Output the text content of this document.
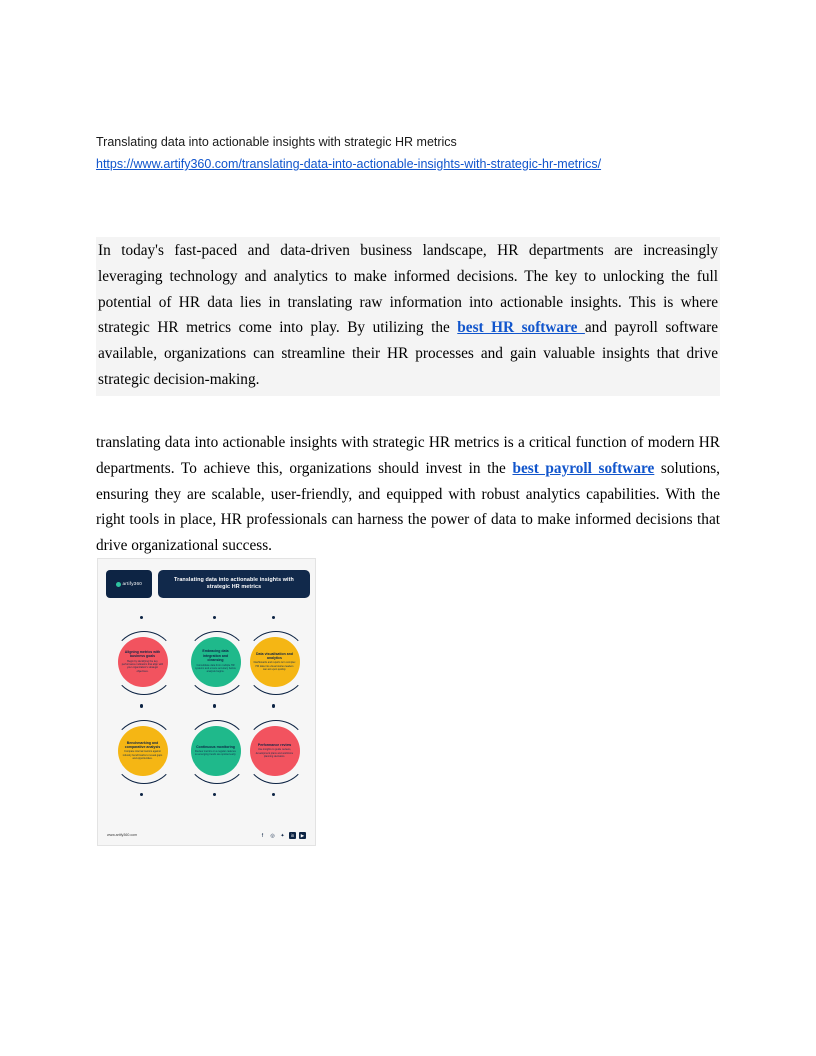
Translating data into actionable insights with strategic HR metrics
https://www.artify360.com/translating-data-into-actionable-insights-with-strategic-hr-metrics/
In today's fast-paced and data-driven business landscape, HR departments are increasingly leveraging technology and analytics to make informed decisions. The key to unlocking the full potential of HR data lies in translating raw information into actionable insights. This is where strategic HR metrics come into play. By utilizing the best HR software and payroll software available, organizations can streamline their HR processes and gain valuable insights that drive strategic decision-making.
translating data into actionable insights with strategic HR metrics is a critical function of modern HR departments. To achieve this, organizations should invest in the best payroll software solutions, ensuring they are scalable, user-friendly, and equipped with robust analytics capabilities. With the right tools in place, HR professionals can harness the power of data to make informed decisions that drive organizational success.
artify360
Translating data into actionable insights with strategic HR metrics
Aligning metrics with business goals
Begin by identifying the key performance indicators that align with your organization's strategic objectives.
Embracing data integration and cleansing
Consolidate data from multiple HR systems and ensure accuracy before analysis begins.
Data visualisation and analytics
Dashboards and reports turn complex HR data into visual stories leaders can act upon quickly.
Benchmarking and comparative analysis
Compare internal metrics against industry benchmarks to reveal gaps and opportunities.
Continuous monitoring
Review metrics on a regular cadence so emerging trends are spotted early.
Performance review
Use insights to guide reviews, development plans and workforce planning decisions.
www.artify360.com	f	◎ ✦	in	▶
